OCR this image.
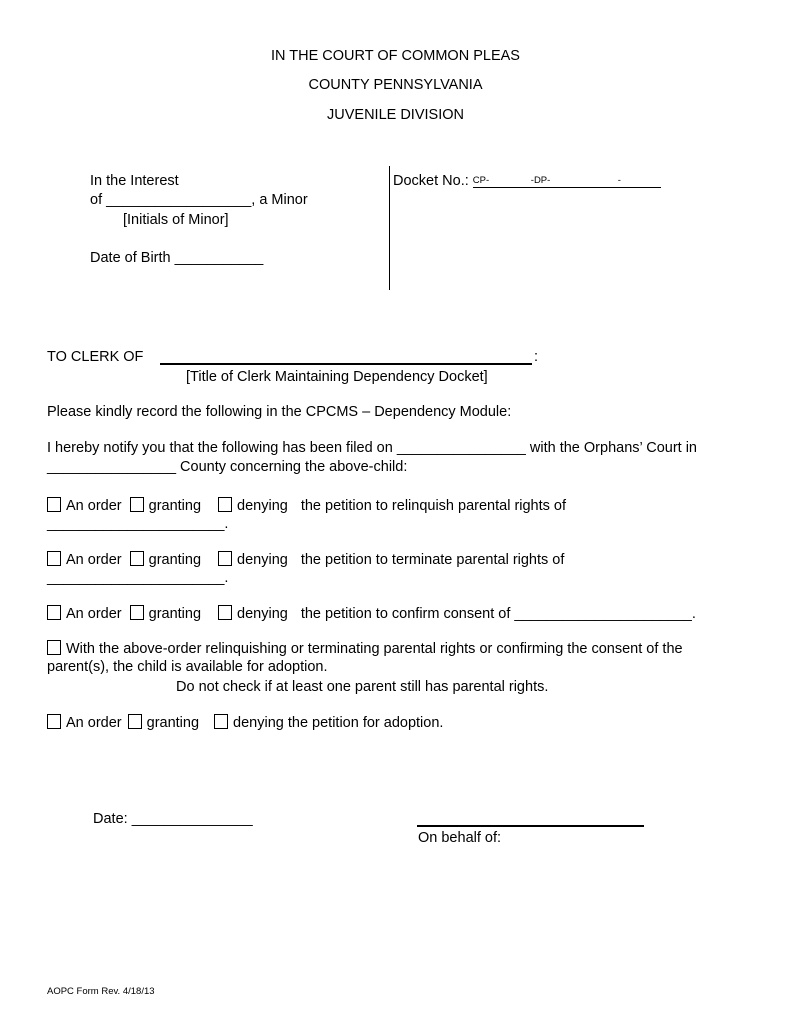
IN THE COURT OF COMMON PLEAS
COUNTY PENNSYLVANIA
JUVENILE DIVISION
In the Interest
of __________________, a Minor
[Initials of Minor]
Date of Birth ___________
Docket No.: CP-	-DP-	-
TO CLERK OF	:
[Title of Clerk Maintaining Dependency Docket]
Please kindly record the following in the CPCMS – Dependency Module:
I hereby notify you that the following has been filed on ________________ with the Orphans’ Court in
________________ County concerning the above-child:
An order granting denying the petition to relinquish parental rights of
______________________.
An order granting denying the petition to terminate parental rights of
______________________.
An order granting denying the petition to confirm consent of ______________________.
With the above-order relinquishing or terminating parental rights or confirming the consent of the
parent(s), the child is available for adoption.
Do not check if at least one parent still has parental rights.
An order granting denying the petition for adoption.
Date: _______________
On behalf of:
AOPC Form Rev. 4/18/13
